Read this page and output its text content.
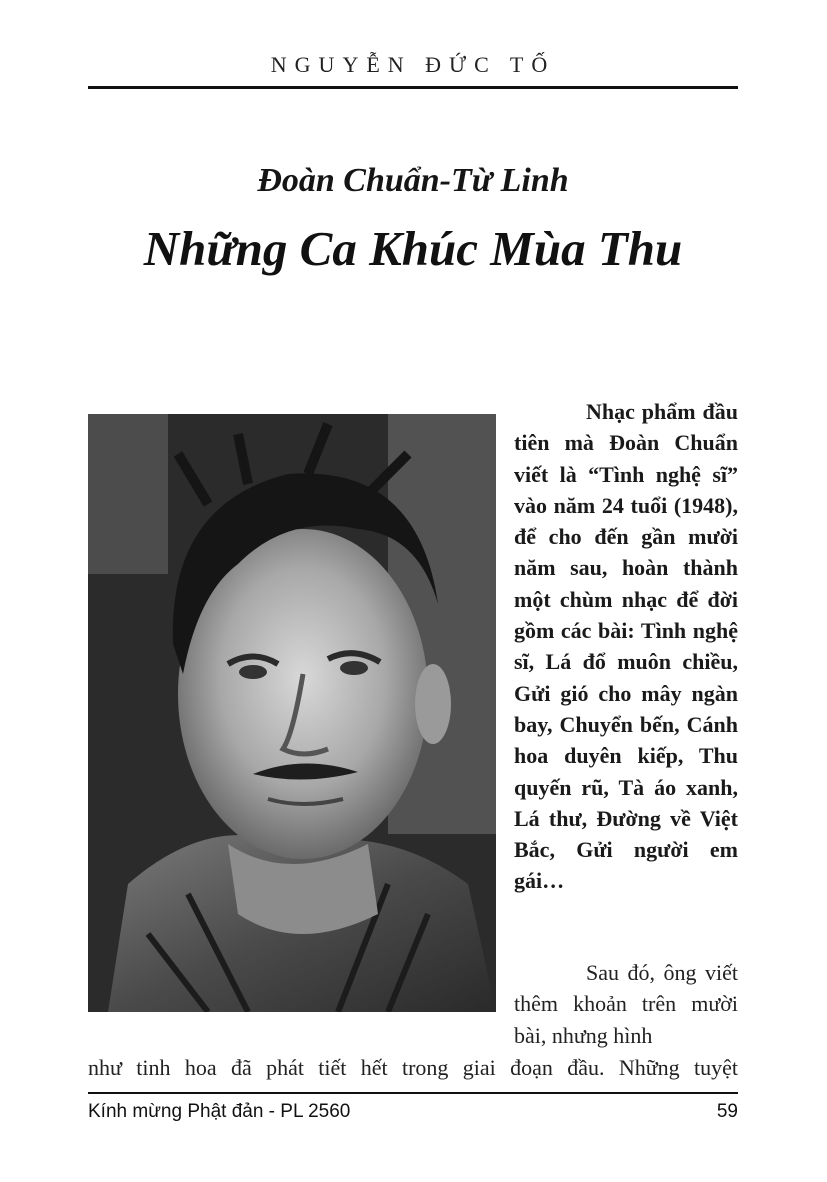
NGUYỄN ĐỨC TỐ
Đoàn Chuẩn-Từ Linh
Những Ca Khúc Mùa Thu

Nhạc phẩm đầu tiên mà Đoàn Chuẩn viết là “Tình nghệ sĩ” vào năm 24 tuổi (1948), để cho đến gần mười năm sau, hoàn thành một chùm nhạc để đời gồm các bài: Tình nghệ sĩ, Lá đổ muôn chiều, Gửi gió cho mây ngàn bay, Chuyển bến, Cánh hoa duyên kiếp, Thu quyến rũ, Tà áo xanh, Lá thư, Đường về Việt Bắc, Gửi người em gái…

Sau đó, ông viết thêm khoản trên mười bài, nhưng hình

như tinh hoa đã phát tiết hết trong giai đoạn đầu. Những tuyệt
Kính mừng Phật đản - PL 2560	59
